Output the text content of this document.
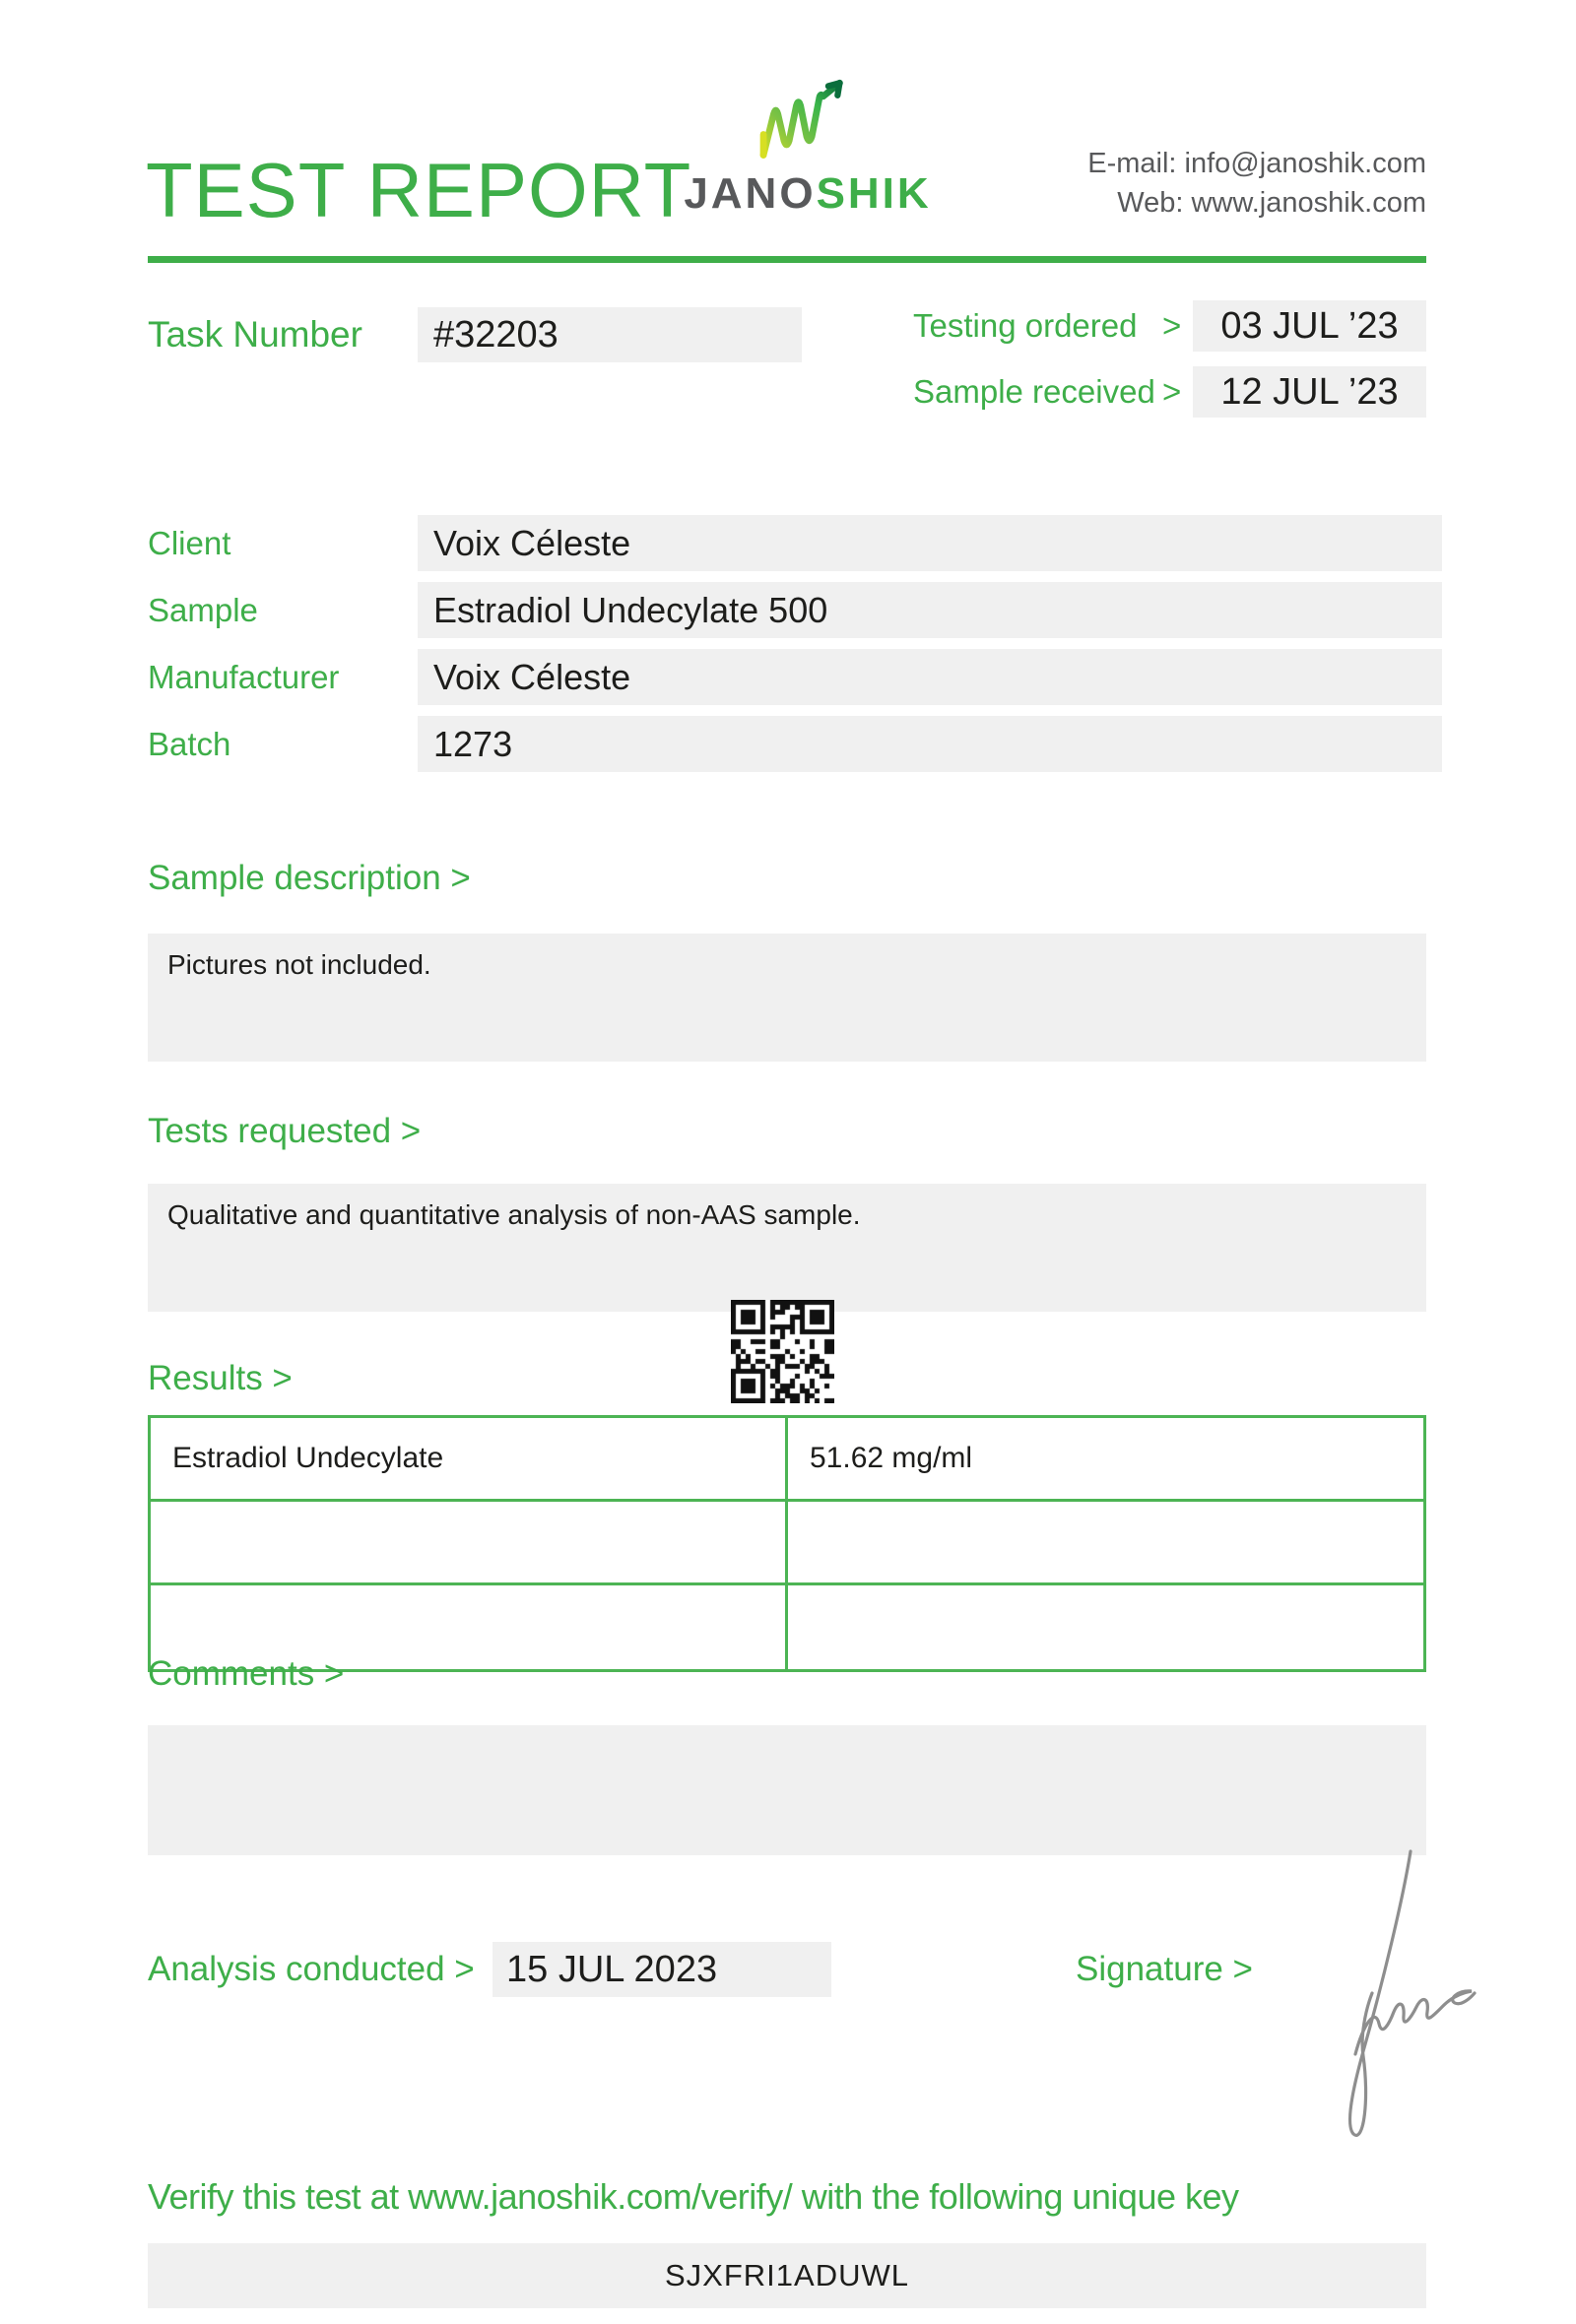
TEST REPORT
JANOSHIK
E-mail: info@janoshik.com
Web: www.janoshik.com
Task Number	#32203	Testing ordered >	03 JUL ’23
Sample received >	12 JUL ’23
Client	Voix Céleste
Sample	Estradiol Undecylate 500
Manufacturer	Voix Céleste
Batch	1273
Sample description >
Pictures not included.
Tests requested >
Qualitative and quantitative analysis of non-AAS sample.
Results >
Estradiol Undecylate	51.62 mg/ml
Comments >
Analysis conducted > 15 JUL 2023	Signature >
Verify this test at www.janoshik.com/verify/ with the following unique key
SJXFRI1ADUWL
